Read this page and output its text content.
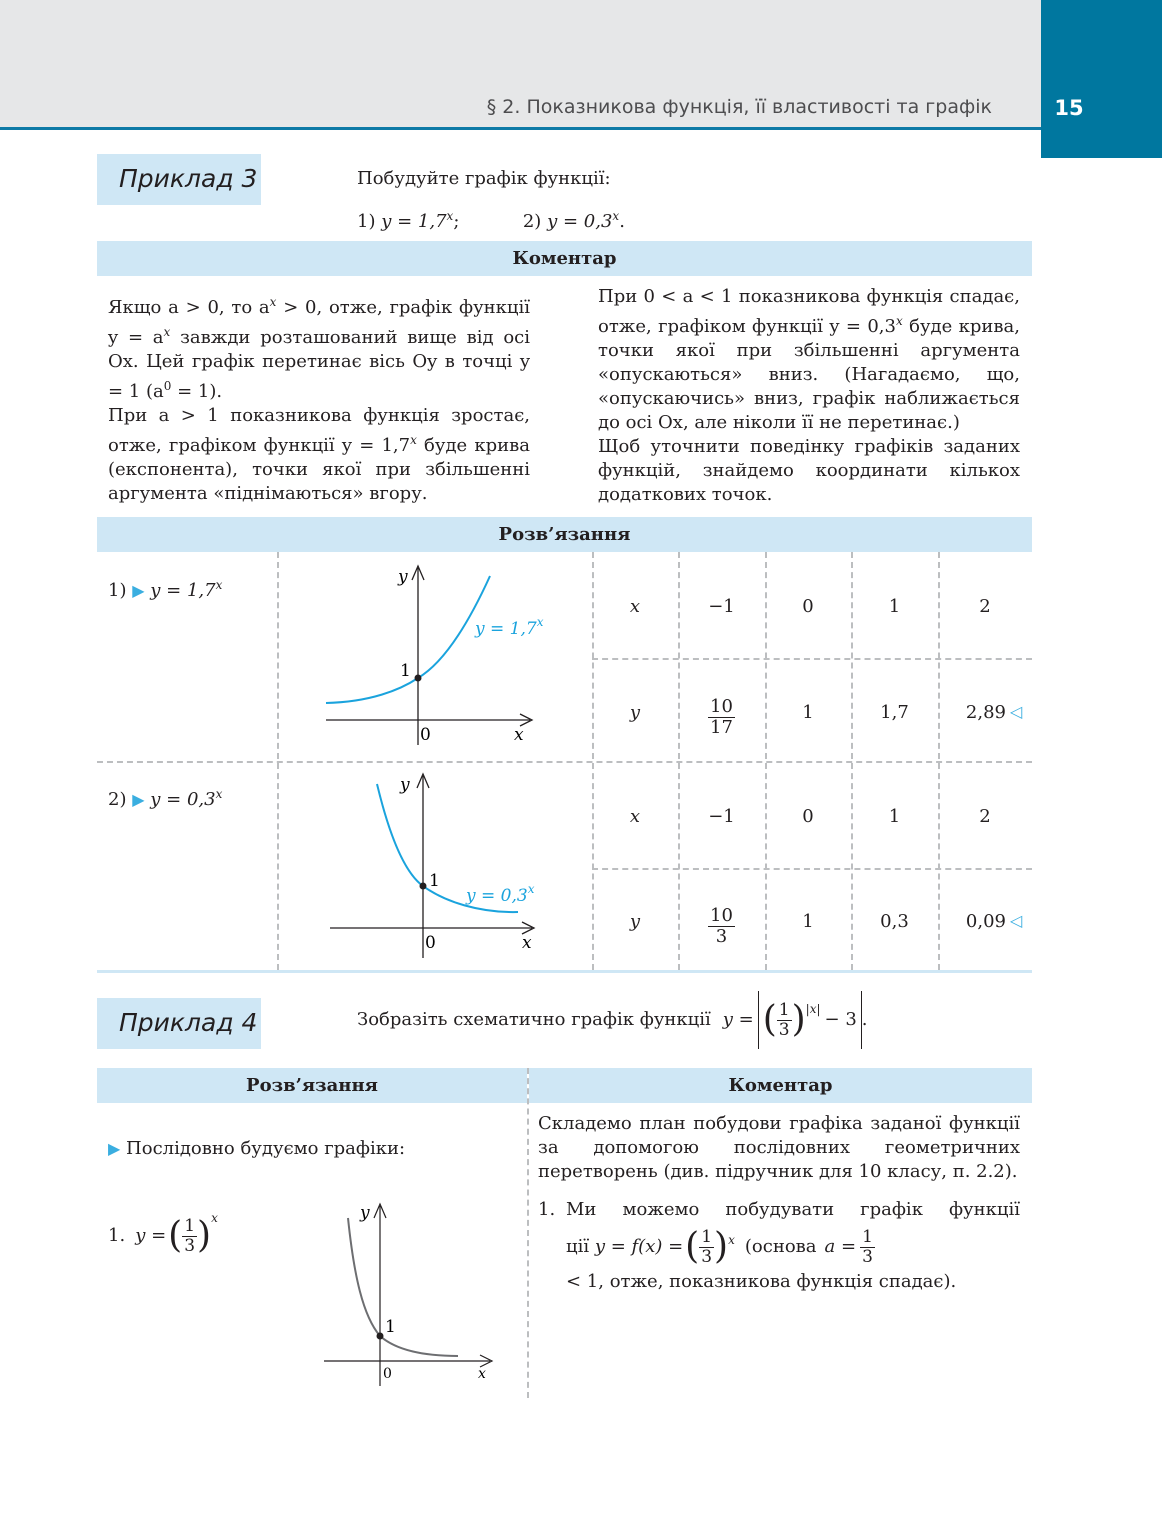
§ 2. Показникова функція, її властивості та графік	15
Приклад 3	Побудуйте графік функції:
1) $y = 1,7^x$;	2) $y = 0,3^x$.
Коментар
Якщо a > 0, то $a^x > 0$, отже, графік функції $y = a^x$ завжди розташований вище від осі Ox. Цей графік перетинає вісь Oy в точці y = 1 $(a^0 = 1)$.
При a > 1 показникова функція зростає, отже, графіком функції $y = 1,7^x$ буде крива (експонента), точки якої при збільшенні аргумента «піднімаються» вгору.
При 0 < a < 1 показникова функція спадає, отже, графіком функції $y = 0,3^x$ буде крива, точки якої при збільшенні аргумента «опускаються» вниз. (Нагадаємо, що, «опускаючись» вниз, графік наближається до осі Ox, але ніколи її не перетинає.)
Щоб уточнити поведінку графіків заданих функцій, знайдемо координати кількох додаткових точок.
Розв’язання
1) ▶ $y = 1,7^x$	y
x
0
1
$y = 1,7^x$
x	−1	0	1	2
y	$\frac{10}{17}$	1	1,7	2,89 ◁
2) ▶ $y = 0,3^x$	y
x
0
1
$y = 0,3^x$
x	−1	0	1	2
y	$\frac{10}{3}$	1	0,3	0,09 ◁
Приклад 4	Зобразіть схематично графік функції y = ( $\frac{1}{3} )^{|x|} - 3$ .
Розв’язання	Коментар
▶ Послідовно будуємо графіки:
1. y = ( $\frac{1}{3} )^x$	y
x
0
1
Складемо план побудови графіка заданої функції за допомогою послідовних геометричних перетворень (див. підручник для 10 класу, п. 2.2).
1. Ми можемо побудувати графік функції
ції y = f(x) = ( $\frac{1}{3} )^x$ (основа $a = \frac{1}{3}$
< 1, отже, показникова функція спадає).
